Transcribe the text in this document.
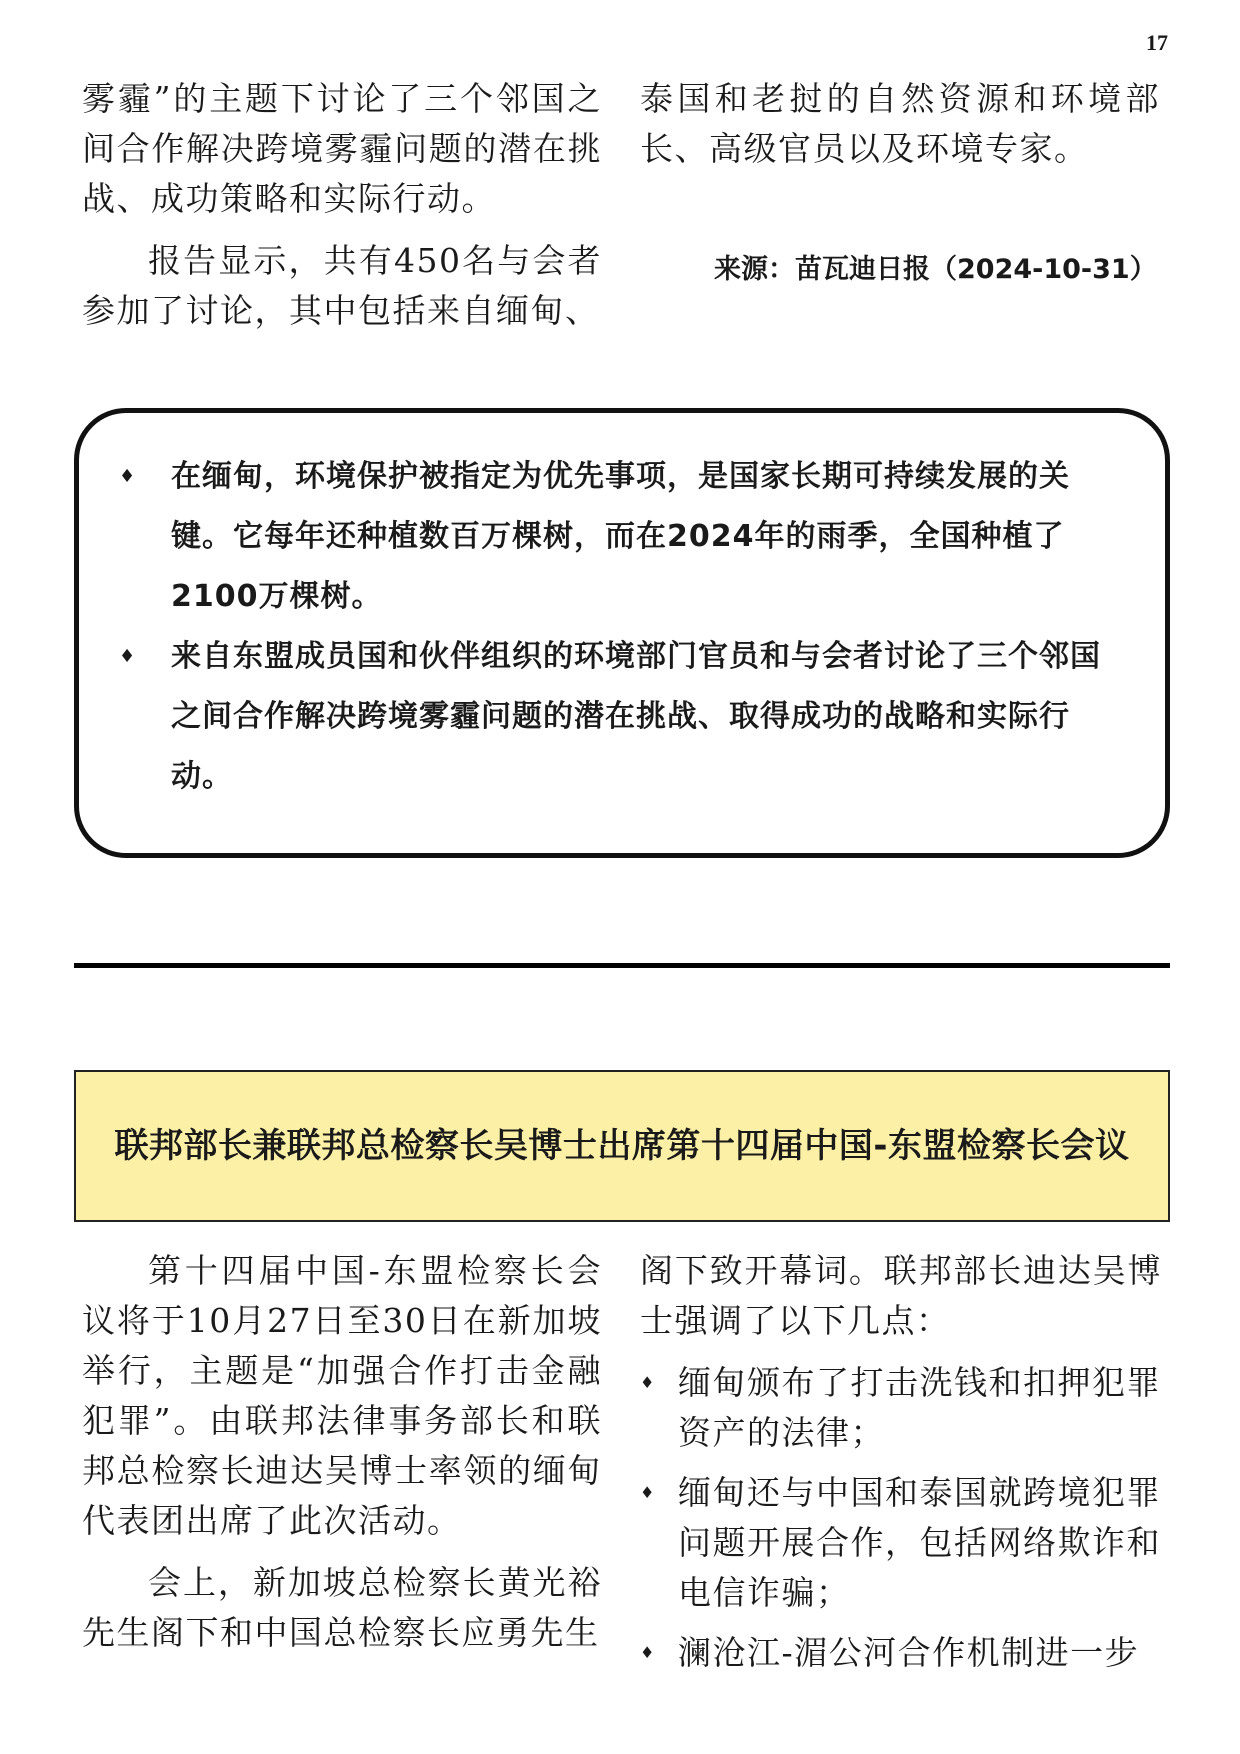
17

雾霾”的主题下讨论了三个邻国之间合作解决跨境雾霾问题的潜在挑战、成功策略和实际行动。

报告显示，共有450名与会者参加了讨论，其中包括来自缅甸、

泰国和老挝的自然资源和环境部长、高级官员以及环境专家。

来源：苗瓦迪日报（2024-10-31）
♦ 在缅甸，环境保护被指定为优先事项，是国家长期可持续发展的关键。它每年还种植数百万棵树，而在2024年的雨季，全国种植了2100万棵树。
♦ 来自东盟成员国和伙伴组织的环境部门官员和与会者讨论了三个邻国之间合作解决跨境雾霾问题的潜在挑战、取得成功的战略和实际行动。
联邦部长兼联邦总检察长吴博士出席第十四届中国-东盟检察长会议

第十四届中国-东盟检察长会议将于10月27日至30日在新加坡举行，主题是“加强合作打击金融犯罪”。由联邦法律事务部长和联邦总检察长迪达吴博士率领的缅甸代表团出席了此次活动。

会上，新加坡总检察长黄光裕先生阁下和中国总检察长应勇先生

阁下致开幕词。联邦部长迪达吴博士强调了以下几点：

♦ 缅甸颁布了打击洗钱和扣押犯罪资产的法律；
♦ 缅甸还与中国和泰国就跨境犯罪问题开展合作，包括网络欺诈和电信诈骗；
♦ 澜沧江-湄公河合作机制进一步
